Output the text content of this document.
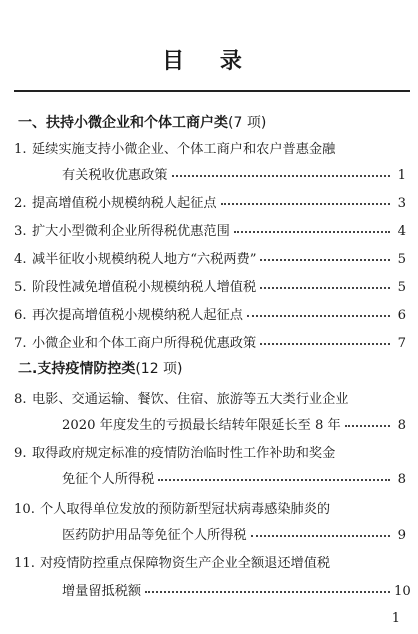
目 录
一、扶持小微企业和个体工商户类(7 项)
1. 延续实施支持小微企业、个体工商户和农户普惠金融
有关税收优惠政策	1
2. 提高增值税小规模纳税人起征点	3
3. 扩大小型微利企业所得税优惠范围	4
4. 减半征收小规模纳税人地方“六税两费”	5
5. 阶段性减免增值税小规模纳税人增值税	5
6. 再次提高增值税小规模纳税人起征点	6
7. 小微企业和个体工商户所得税优惠政策	7
二.支持疫情防控类(12 项)
8. 电影、交通运输、餐饮、住宿、旅游等五大类行业企业
2020 年度发生的亏损最长结转年限延长至 8 年	8
9. 取得政府规定标准的疫情防治临时性工作补助和奖金
免征个人所得税	8
10. 个人取得单位发放的预防新型冠状病毒感染肺炎的
医药防护用品等免征个人所得税	9
11. 对疫情防控重点保障物资生产企业全额退还增值税
增量留抵税额	10
1
